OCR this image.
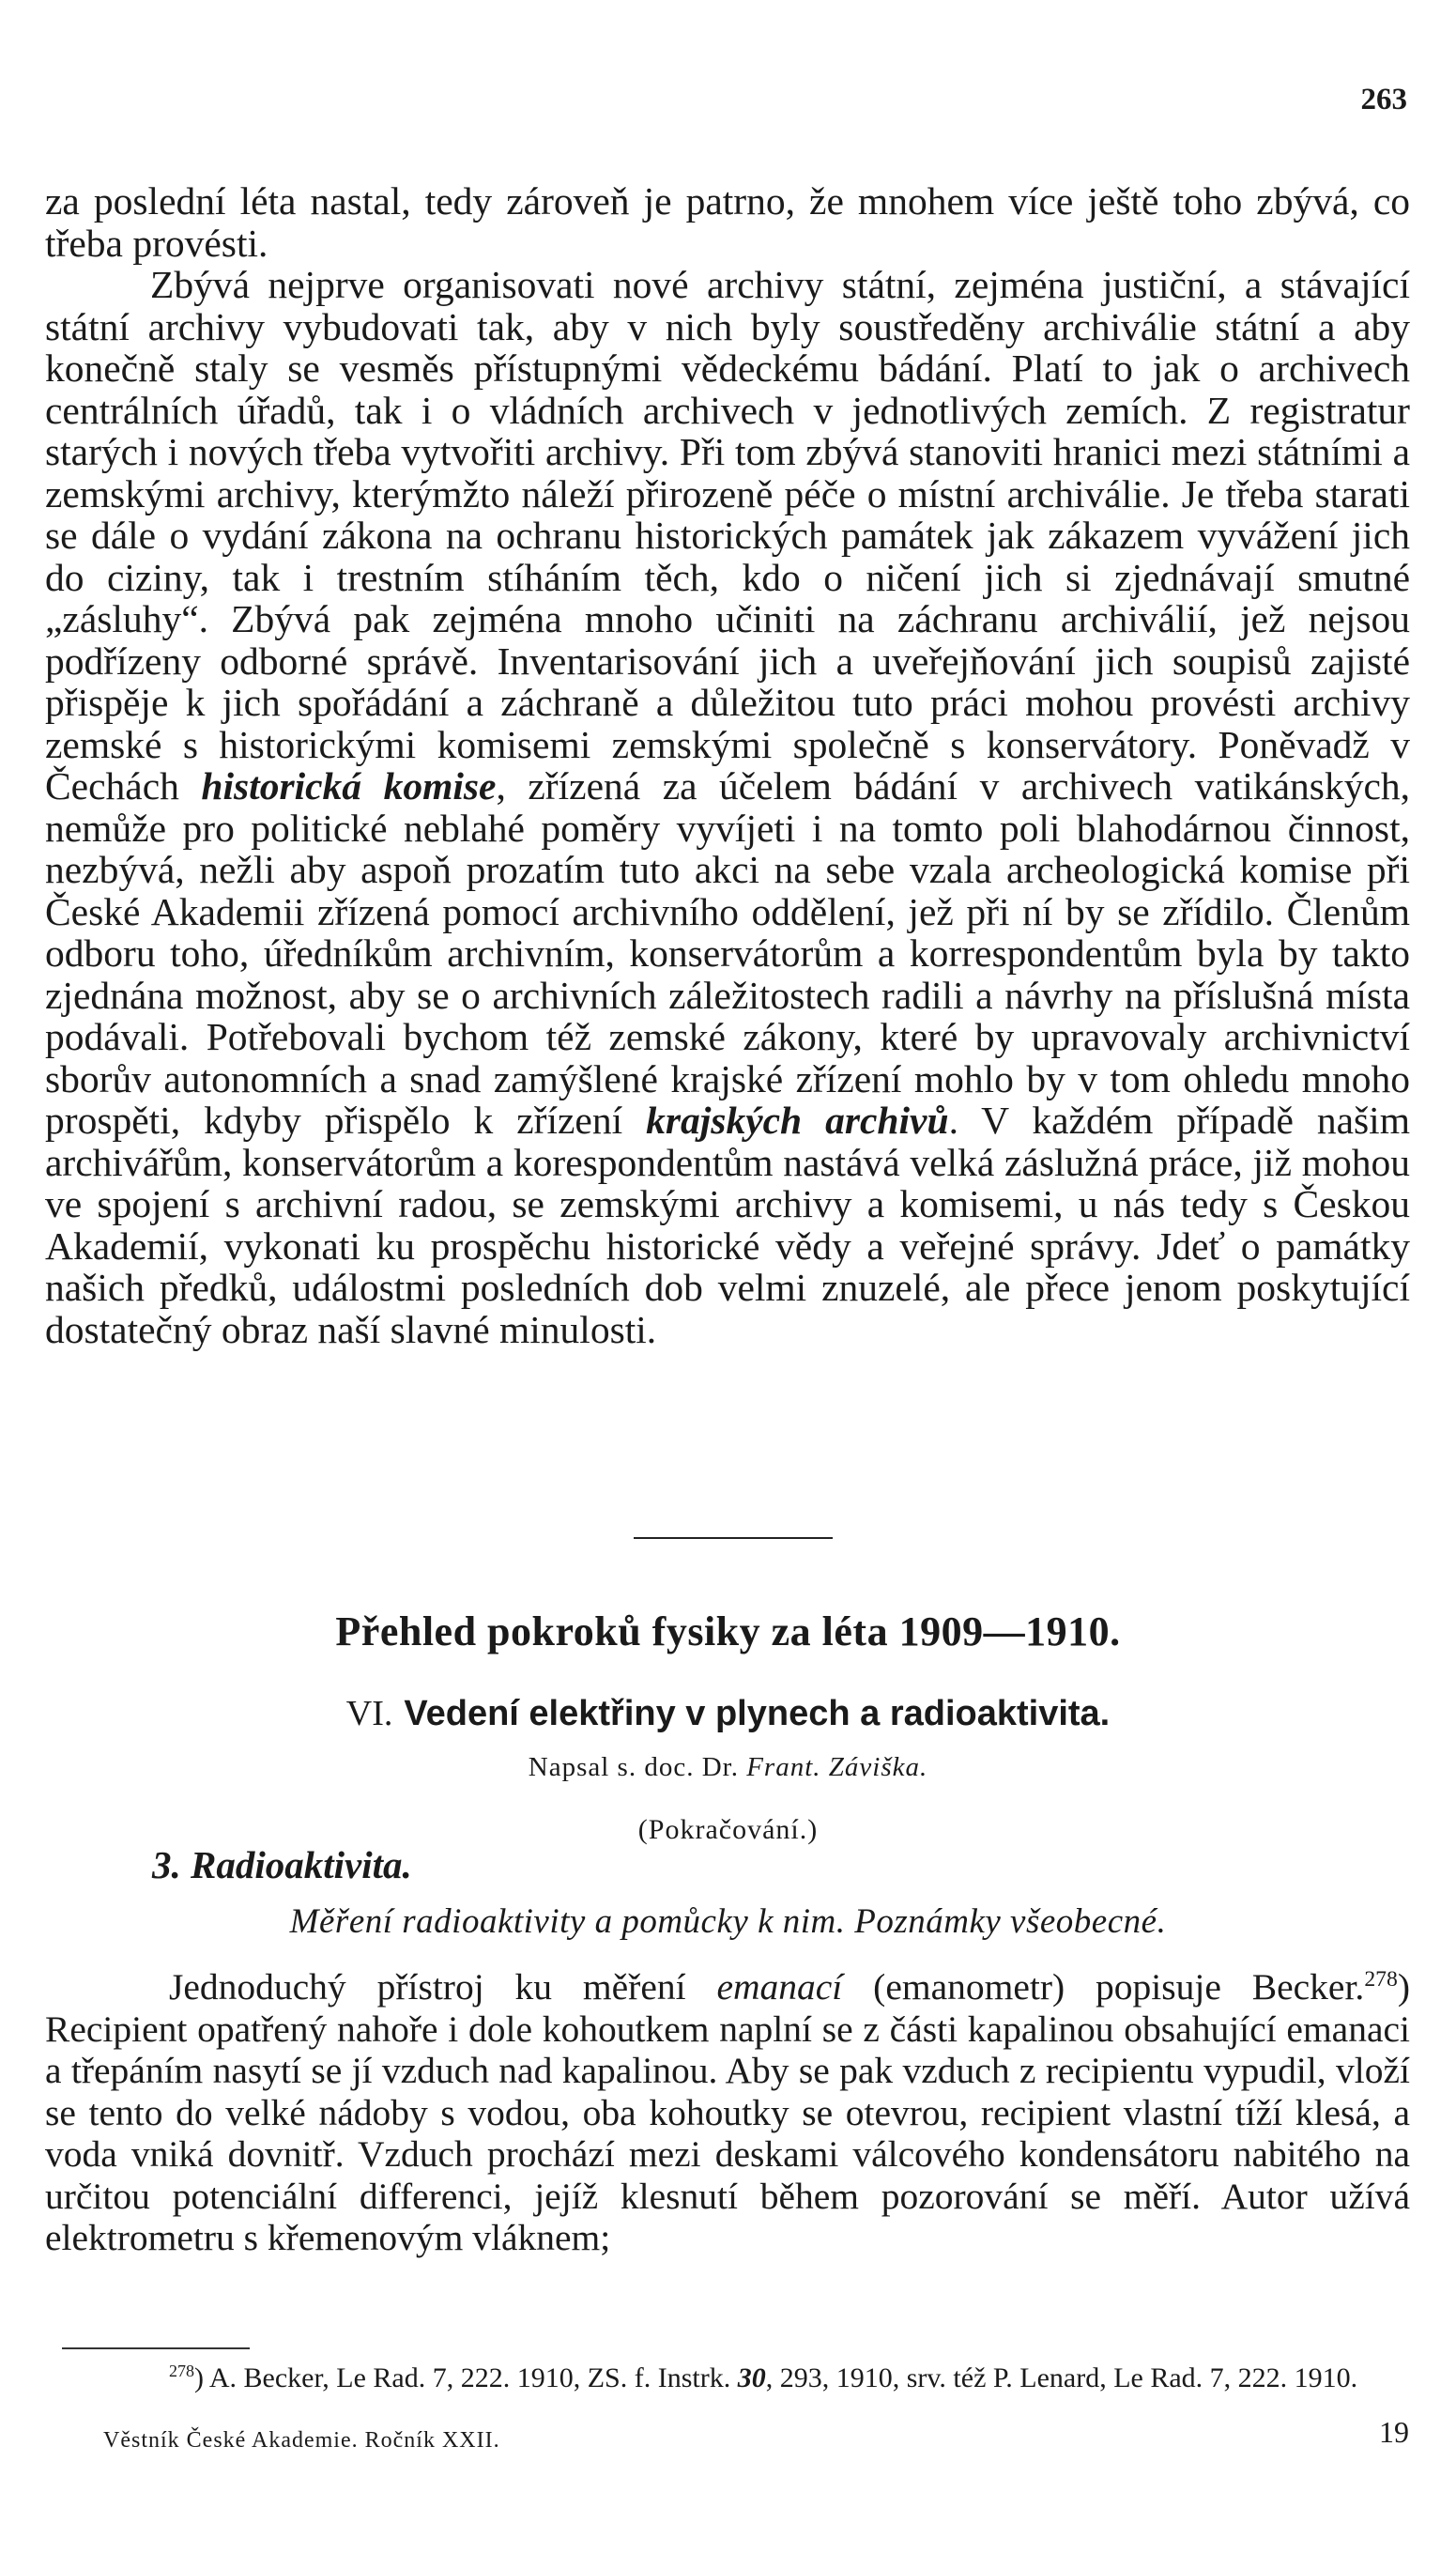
263

za poslední léta nastal, tedy zároveň je patrno, že mnohem více ještě toho zbývá, co třeba provésti.

Zbývá nejprve organisovati nové archivy státní, zejména justiční, a stávající státní archivy vybudovati tak, aby v nich byly soustředěny archiválie státní a aby konečně staly se vesměs přístupnými vědeckému bádání. Platí to jak o archivech centrálních úřadů, tak i o vládních archivech v jednotlivých zemích. Z registratur starých i nových třeba vytvořiti archivy. Při tom zbývá stanoviti hranici mezi státními a zemskými archivy, kterýmžto náleží přirozeně péče o místní archiválie. Je třeba starati se dále o vydání zákona na ochranu historických památek jak zákazem vyvážení jich do ciziny, tak i trestním stíháním těch, kdo o ničení jich si zjednávají smutné „zásluhy“. Zbývá pak zejména mnoho učiniti na záchranu archiválií, jež nejsou podřízeny odborné správě. Inventarisování jich a uveřejňování jich soupisů zajisté přispěje k jich spořádání a záchraně a důležitou tuto práci mohou provésti archivy zemské s historickými komisemi zemskými společně s konservátory. Poněvadž v Čechách historická komise, zřízená za účelem bádání v archivech vatikánských, nemůže pro politické neblahé poměry vyvíjeti i na tomto poli blahodárnou činnost, nezbývá, nežli aby aspoň prozatím tuto akci na sebe vzala archeologická komise při České Akademii zřízená pomocí archivního oddělení, jež při ní by se zřídilo. Členům odboru toho, úředníkům archivním, konservátorům a korrespondentům byla by takto zjednána možnost, aby se o archivních záležitostech radili a návrhy na příslušná místa podávali. Potřebovali bychom též zemské zákony, které by upravovaly archivnictví sborův autonomních a snad zamýšlené krajské zřízení mohlo by v tom ohledu mnoho prospěti, kdyby přispělo k zřízení krajských archivů. V každém případě našim archivářům, konservátorům a korespondentům nastává velká záslužná práce, již mohou ve spojení s archivní radou, se zemskými archivy a komisemi, u nás tedy s Českou Akademií, vykonati ku prospěchu historické vědy a veřejné správy. Jdeť o památky našich předků, událostmi posledních dob velmi znuzelé, ale přece jenom poskytující dostatečný obraz naší slavné minulosti.

Přehled pokroků fysiky za léta 1909—1910.
VI. Vedení elektřiny v plynech a radioaktivita.
Napsal s. doc. Dr. Frant. Záviška.
(Pokračování.)
3. Radioaktivita.
Měření radioaktivity a pomůcky k nim. Poznámky všeobecné.

Jednoduchý přístroj ku měření emanací (emanometr) popisuje Becker.$^{278}$) Recipient opatřený nahoře i dole kohoutkem naplní se z části kapalinou obsahující emanaci a třepáním nasytí se jí vzduch nad kapalinou. Aby se pak vzduch z recipientu vypudil, vloží se tento do velké nádoby s vodou, oba kohoutky se otevrou, recipient vlastní tíží klesá, a voda vniká dovnitř. Vzduch prochází mezi deskami válcového kondensátoru nabitého na určitou potenciální differenci, jejíž klesnutí během pozorování se měří. Autor užívá elektrometru s křemenovým vláknem;

$^{278}$) A. Becker, Le Rad. 7, 222. 1910, ZS. f. Instrk. 30, 293, 1910, srv. též P. Lenard, Le Rad. 7, 222. 1910.

Věstník České Akademie. Ročník XXII.	19
